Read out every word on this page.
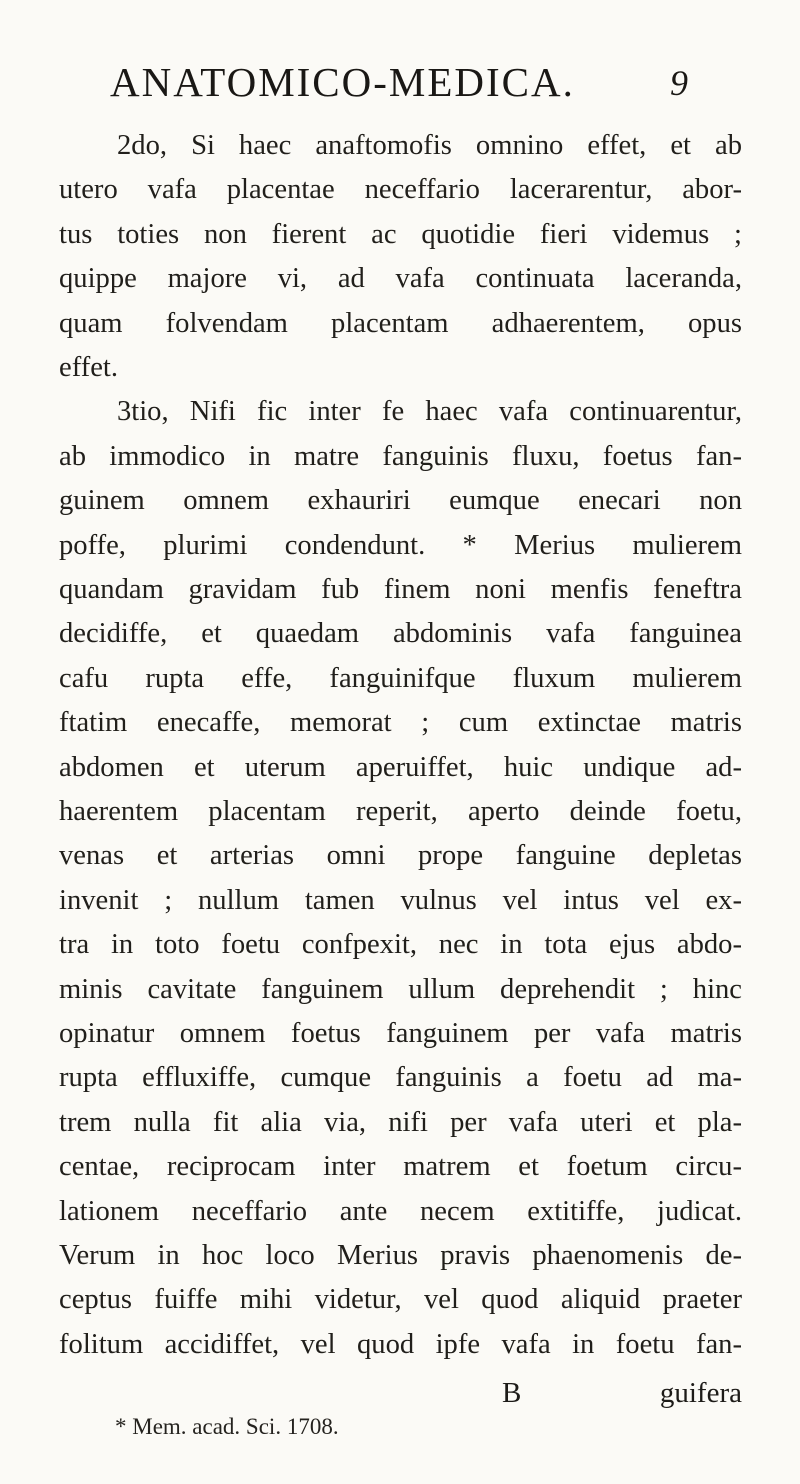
ANATOMICO-MEDICA.	9
2do, Si haec anaftomofis omnino effet, et ab
utero vafa placentae neceffario lacerarentur, abor-
tus toties non fierent ac quotidie fieri videmus ;
quippe majore vi, ad vafa continuata laceranda,
quam folvendam placentam adhaerentem, opus
effet.
3tio, Nifi fic inter fe haec vafa continuarentur,
ab immodico in matre fanguinis fluxu, foetus fan-
guinem omnem exhauriri eumque enecari non
poffe, plurimi condendunt. * Merius mulierem
quandam gravidam fub finem noni menfis feneftra
decidiffe, et quaedam abdominis vafa fanguinea
cafu rupta effe, fanguinifque fluxum mulierem
ftatim enecaffe, memorat ; cum extinctae matris
abdomen et uterum aperuiffet, huic undique ad-
haerentem placentam reperit, aperto deinde foetu,
venas et arterias omni prope fanguine depletas
invenit ; nullum tamen vulnus vel intus vel ex-
tra in toto foetu confpexit, nec in tota ejus abdo-
minis cavitate fanguinem ullum deprehendit ; hinc
opinatur omnem foetus fanguinem per vafa matris
rupta effluxiffe, cumque fanguinis a foetu ad ma-
trem nulla fit alia via, nifi per vafa uteri et pla-
centae, reciprocam inter matrem et foetum circu-
lationem neceffario ante necem extitiffe, judicat.
Verum in hoc loco Merius pravis phaenomenis de-
ceptus fuiffe mihi videtur, vel quod aliquid praeter
folitum accidiffet, vel quod ipfe vafa in foetu fan-
B	guifera
* Mem. acad. Sci. 1708.
